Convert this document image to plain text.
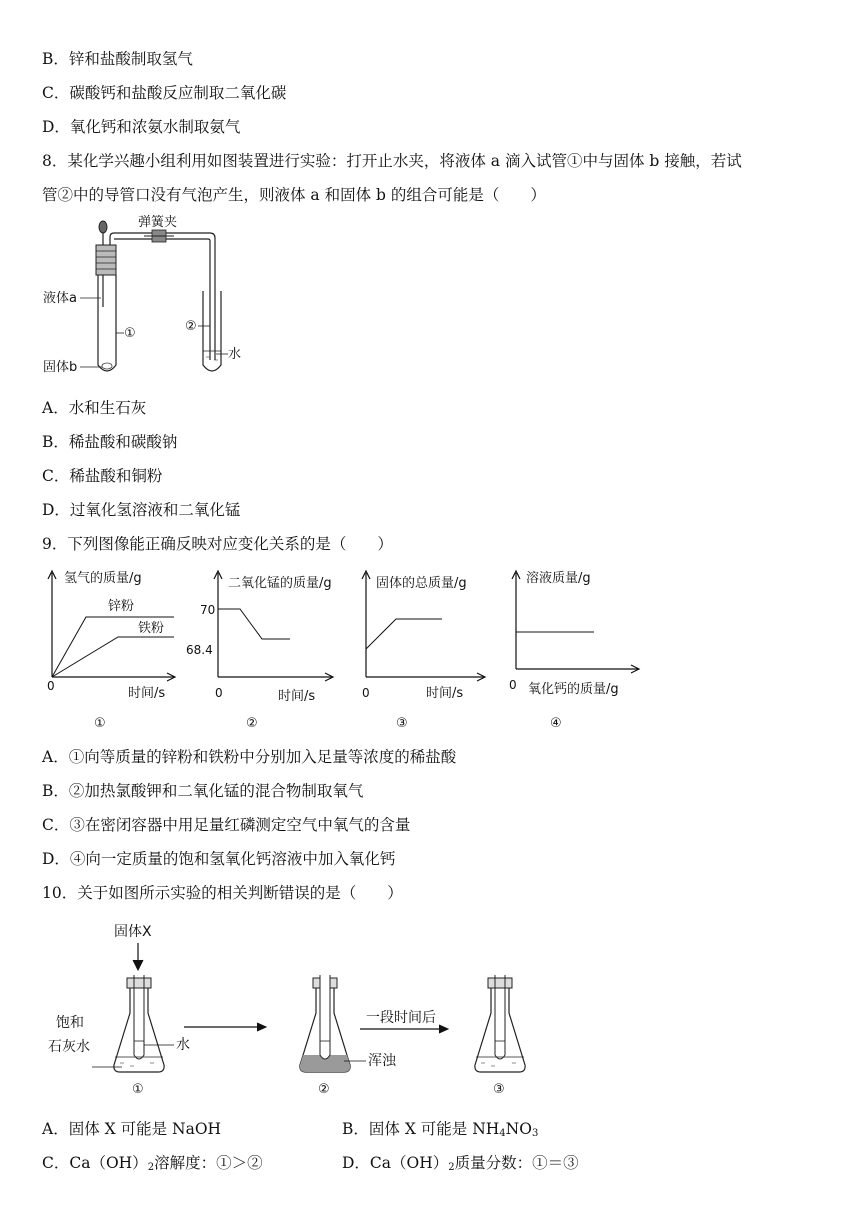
B．锌和盐酸制取氢气
C．碳酸钙和盐酸反应制取二氧化碳
D．氧化钙和浓氨水制取氨气
8．某化学兴趣小组利用如图装置进行实验：打开止水夹，将液体 a 滴入试管①中与固体 b 接触，若试
管②中的导管口没有气泡产生，则液体 a 和固体 b 的组合可能是（　　）
弹簧夹
液体a
固体b
①	②
水
A．水和生石灰
B．稀盐酸和碳酸钠
C．稀盐酸和铜粉
D．过氧化氢溶液和二氧化锰
9．下列图像能正确反映对应变化关系的是（　　）
氢气的质量/g
锌粉
铁粉
0	时间/s
①
二氧化锰的质量/g
70
68.4
0	时间/s
②
固体的总质量/g
0	时间/s
③
溶液质量/g
0 氧化钙的质量/g
④
A．①向等质量的锌粉和铁粉中分别加入足量等浓度的稀盐酸
B．②加热氯酸钾和二氧化锰的混合物制取氧气
C．③在密闭容器中用足量红磷测定空气中氧气的含量
D．④向一定质量的饱和氢氧化钙溶液中加入氧化钙
10．关于如图所示实验的相关判断错误的是（　　）
固体X
饱和
石灰水	水
①
浑浊
②
一段时间后
③
A．固体 X 可能是 NaOH	B．固体 X 可能是 $NH_4NO_3$
C．$Ca(OH)_2$溶解度：①＞②	D．$Ca(OH)_2$质量分数：①＝③
